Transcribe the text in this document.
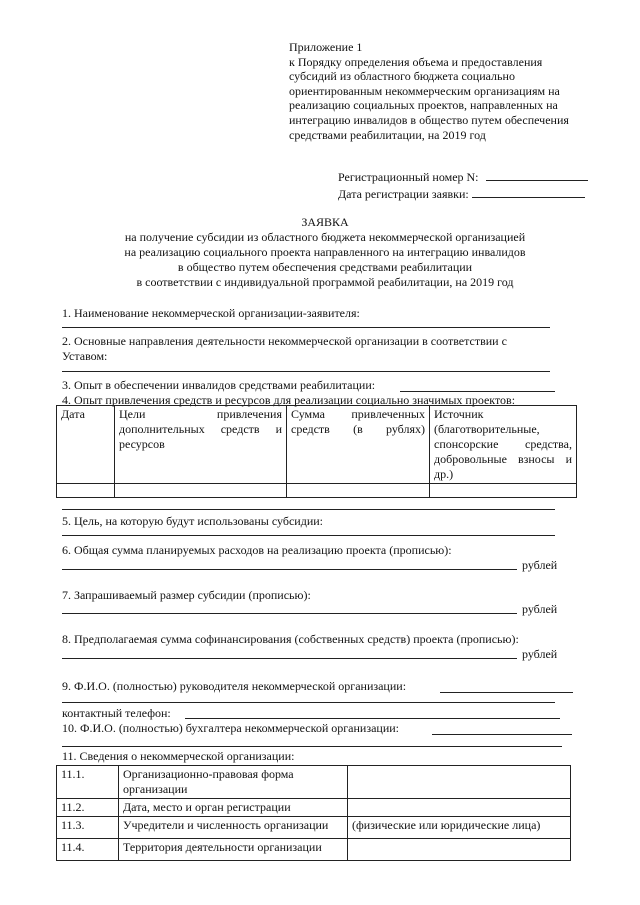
Приложение 1
к Порядку определения объема и предоставления
субсидий из областного бюджета социально
ориентированным некоммерческим организациям на
реализацию социальных проектов, направленных на
интеграцию инвалидов в общество путем обеспечения
средствами реабилитации, на 2019 год
Регистрационный номер N:
Дата регистрации заявки:
ЗАЯВКА
на получение субсидии из областного бюджета некоммерческой организацией
на реализацию социального проекта направленного на интеграцию инвалидов
в общество путем обеспечения средствами реабилитации
в соответствии с индивидуальной программой реабилитации, на 2019 год
1. Наименование некоммерческой организации-заявителя:
2. Основные направления деятельности некоммерческой организации в соответствии с
Уставом:
3. Опыт в обеспечении инвалидов средствами реабилитации:
4. Опыт привлечения средств и ресурсов для реализации социально значимых проектов:
Дата	Цели привлечения дополнительных средств и ресурсов	Сумма привлеченных средств (в рублях)	Источник (благотворительные, спонсорские средства, добровольные взносы и др.)

5. Цель, на которую будут использованы субсидии:
6. Общая сумма планируемых расходов на реализацию проекта (прописью):
рублей
7. Запрашиваемый размер субсидии (прописью):
рублей
8. Предполагаемая сумма софинансирования (собственных средств) проекта (прописью):
рублей
9. Ф.И.О. (полностью) руководителя некоммерческой организации:
контактный телефон:
10. Ф.И.О. (полностью) бухгалтера некоммерческой организации:
11. Сведения о некоммерческой организации:
11.1.	Организационно-правовая форма организации	
11.2.	Дата, место и орган регистрации	
11.3.	Учредители и численность организации	(физические или юридические лица)
11.4.	Территория деятельности организации	
